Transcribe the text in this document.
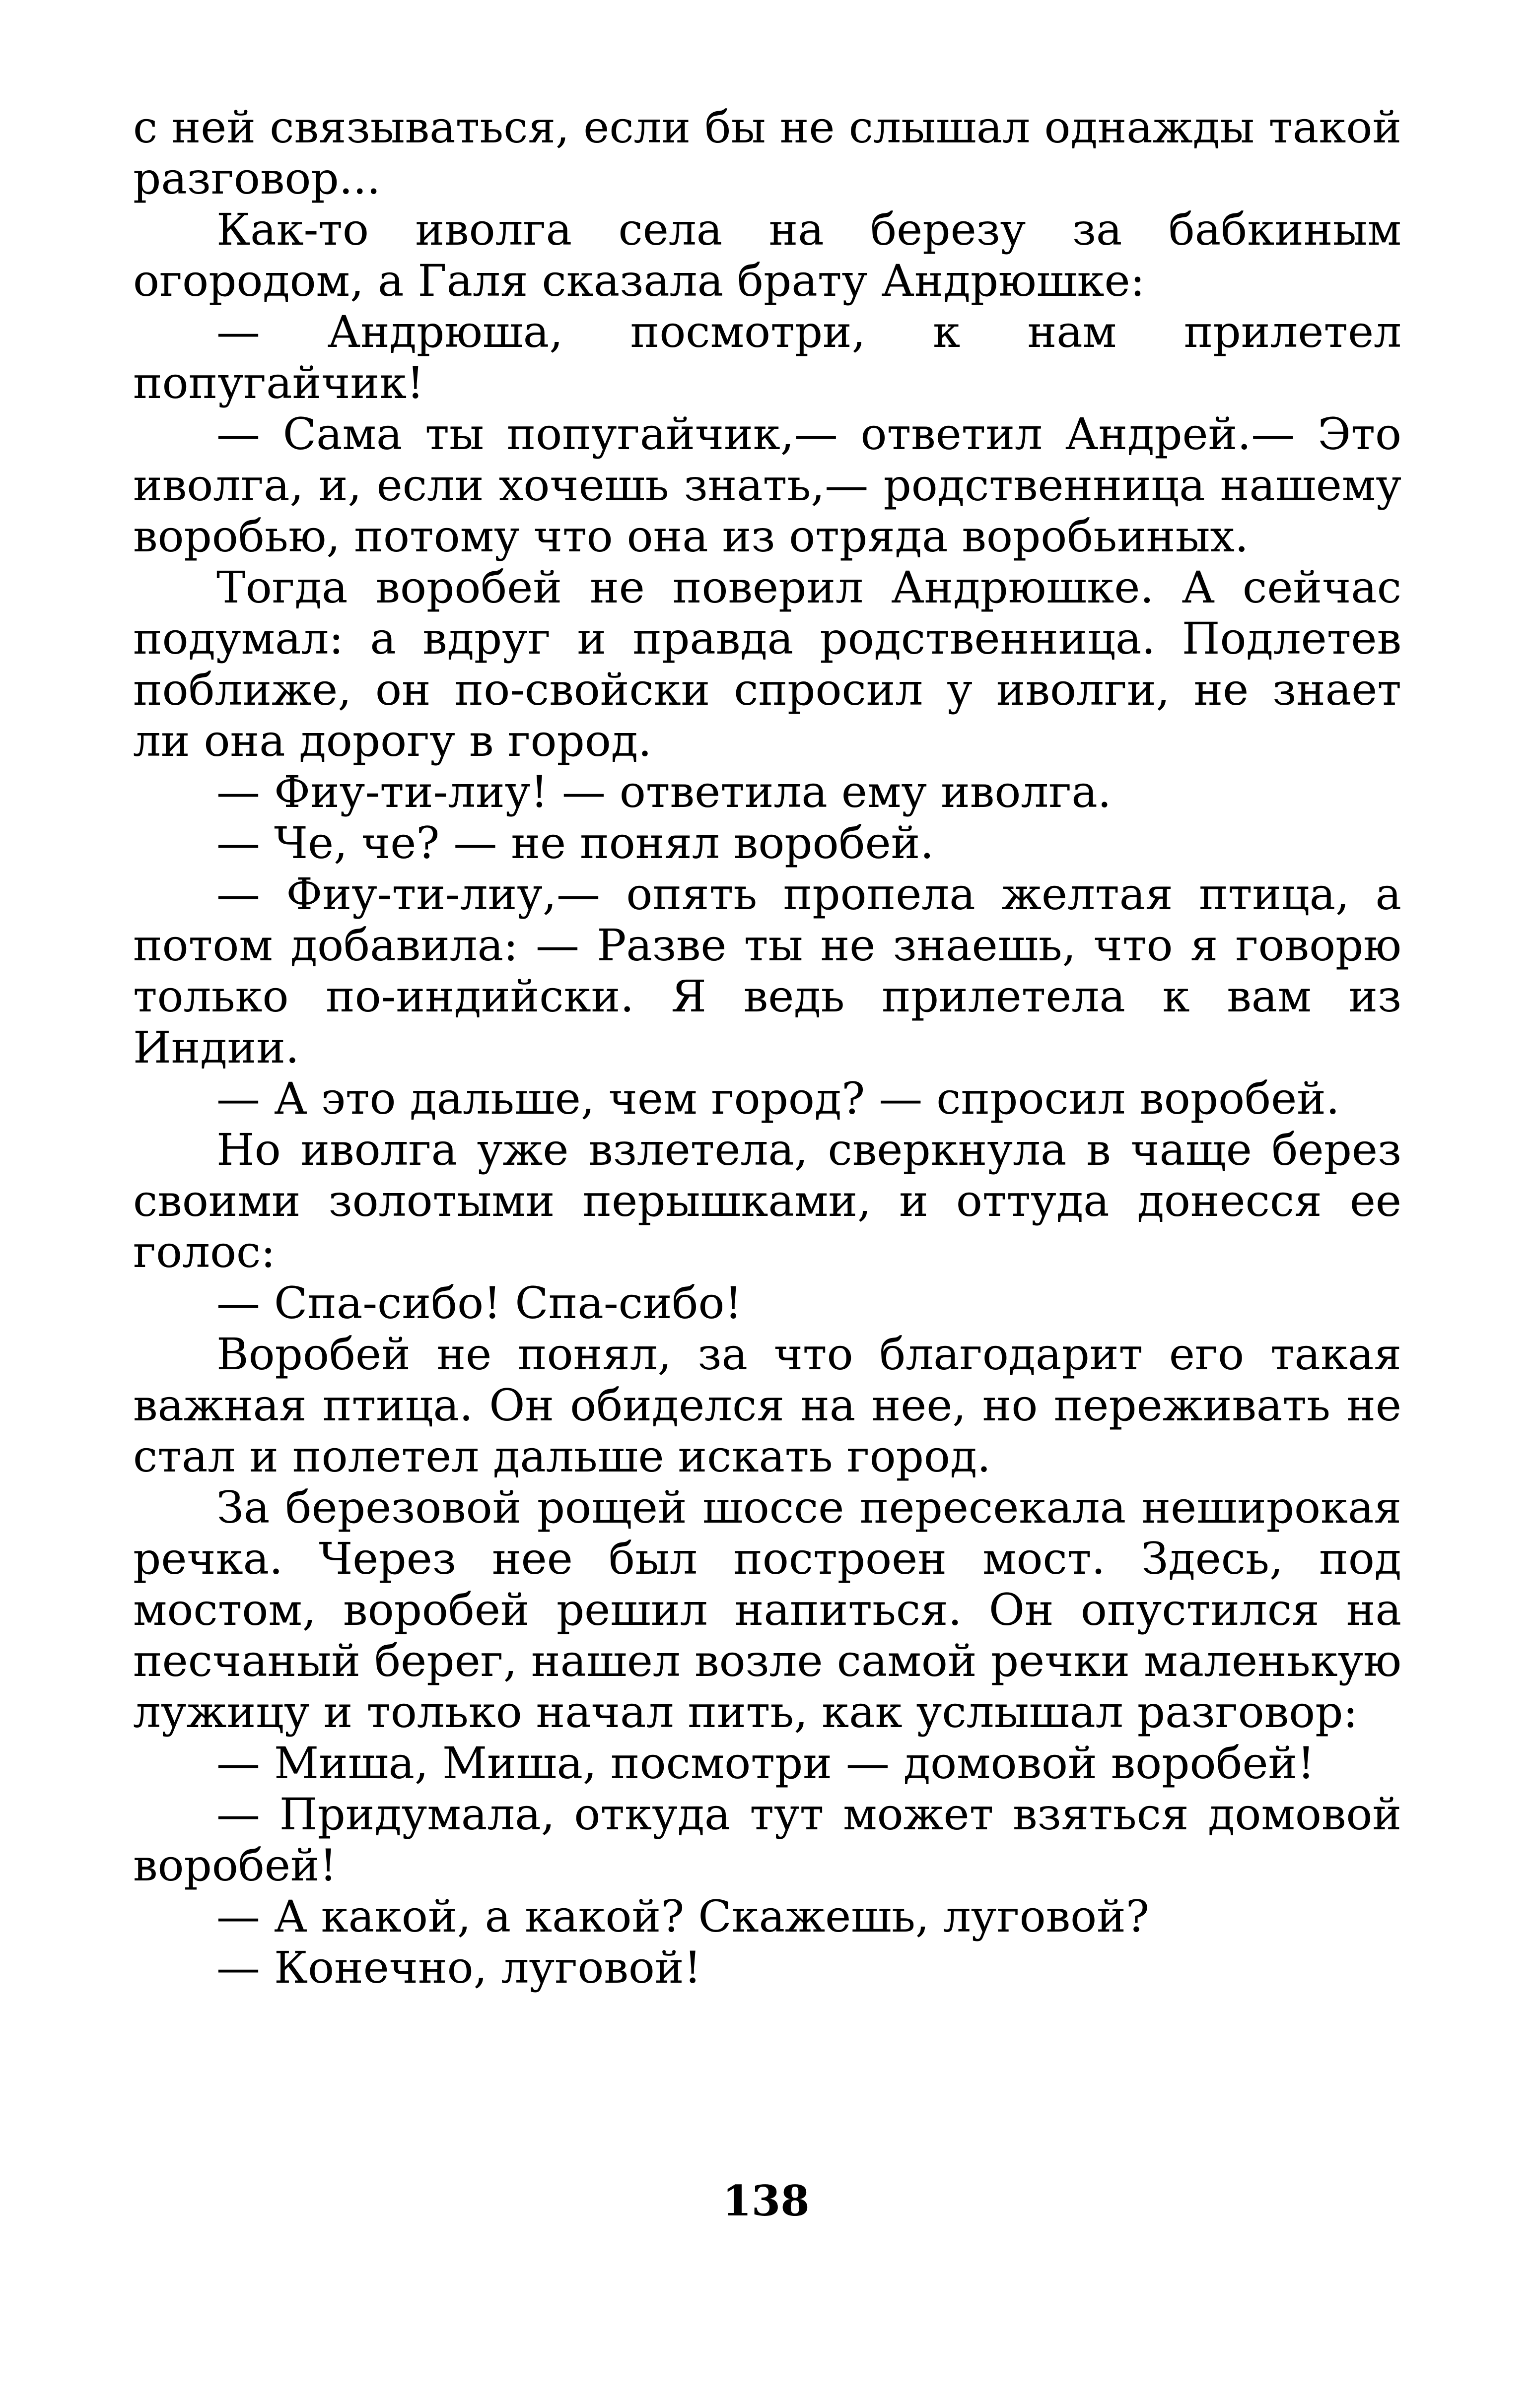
с ней связываться, если бы не слышал однажды такой разговор...

Как-то иволга села на березу за бабкиным огородом, а Галя сказала брату Андрюшке:

— Андрюша, посмотри, к нам прилетел попугайчик!

— Сама ты попугайчик,— ответил Андрей.— Это иволга, и, если хочешь знать,— родственница нашему воробью, потому что она из отряда воробьиных.

Тогда воробей не поверил Андрюшке. А сейчас подумал: а вдруг и правда родственница. Подлетев поближе, он по-свойски спросил у иволги, не знает ли она дорогу в город.

— Фиу-ти-лиу! — ответила ему иволга.

— Че, че? — не понял воробей.

— Фиу-ти-лиу,— опять пропела желтая птица, а потом добавила: — Разве ты не знаешь, что я говорю только по-индийски. Я ведь прилетела к вам из Индии.

— А это дальше, чем город? — спросил воробей.

Но иволга уже взлетела, сверкнула в чаще берез своими золотыми перышками, и оттуда донесся ее голос:

— Спа-сибо! Спа-сибо!

Воробей не понял, за что благодарит его такая важная птица. Он обиделся на нее, но переживать не стал и полетел дальше искать город.

За березовой рощей шоссе пересекала неширокая речка. Через нее был построен мост. Здесь, под мостом, воробей решил напиться. Он опустился на песчаный берег, нашел возле самой речки маленькую лужицу и только начал пить, как услышал разговор:

— Миша, Миша, посмотри — домовой воробей!

— Придумала, откуда тут может взяться домовой воробей!

— А какой, а какой? Скажешь, луговой?

— Конечно, луговой!

138
